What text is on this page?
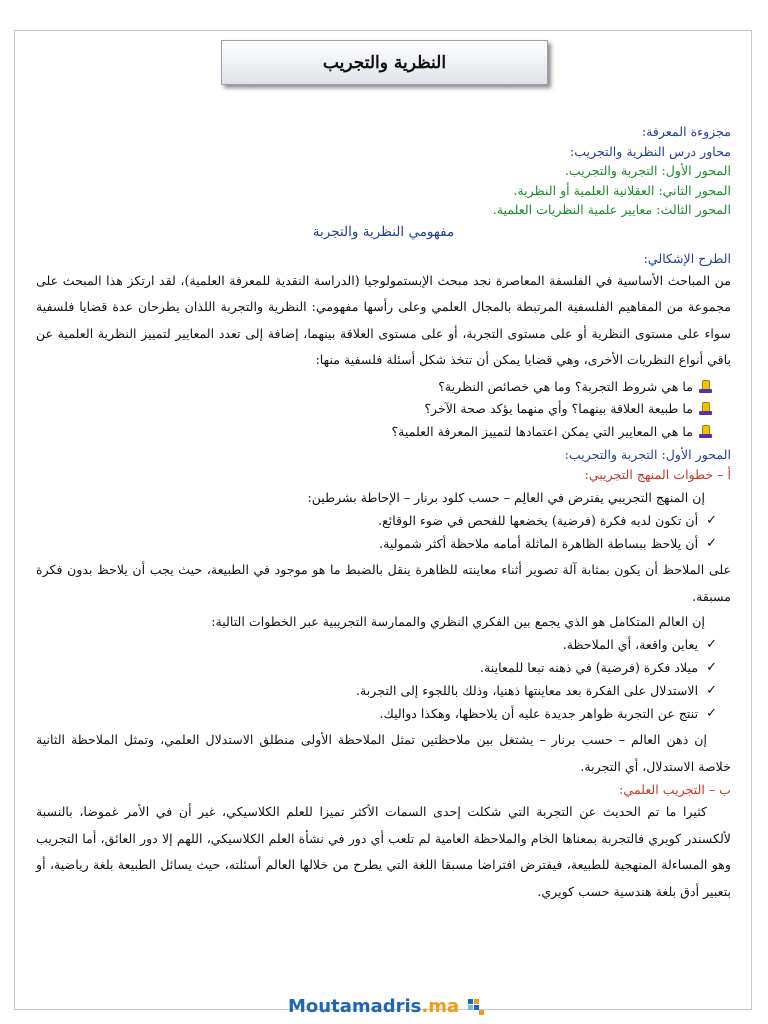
النظرية والتجريب

مجزوءة المعرفة:

محاور درس النظرية والتجريب:

المحور الأول: التجربة والتجريب.

المحور الثاني: العقلانية العلمية أو النظرية.

المحور الثالث: معايير علمية النظريات العلمية.

مفهومي النظرية والتجربة

الطرح الإشكالي:

من المباحث الأساسية في الفلسفة المعاصرة نجد مبحث الإبستمولوجيا (الدراسة النقدية للمعرفة العلمية)، لقد ارتكز هذا المبحث على مجموعة من المفاهيم الفلسفية المرتبطة بالمجال العلمي وعلى رأسها مفهومي: النظرية والتجربة اللذان يطرحان عدة قضايا فلسفية سواء على مستوى النظرية أو على مستوى التجربة، أو على مستوى العلاقة بينهما، إضافة إلى تعدد المعايير لتمييز النظرية العلمية عن باقي أنواع النظريات الأخرى، وهي قضايا يمكن أن تتخذ شكل أسئلة فلسفية منها:

ما هي شروط التجربة؟ وما هي خصائص النظرية؟
ما طبيعة العلاقة بينهما؟ وأي منهما يؤكد صحة الآخر؟
ما هي المعايير التي يمكن اعتمادها لتمييز المعرفة العلمية؟

المحور الأول: التجربة والتجريب:

أ – خطوات المنهج التجريبي:

إن المنهج التجريبي يفترض في العالِم – حسب كلود برنار – الإحاطة بشرطين:

✓
أن تكون لديه فكرة (فرضية) يخضعها للفحص في ضوء الوقائع.
✓
أن يلاحظ ببساطة الظاهرة الماثلة أمامه ملاحظة أكثر شمولية.

على الملاحظ أن يكون بمثابة آلة تصوير أثناء معاينته للظاهرة ينقل بالضبط ما هو موجود في الطبيعة، حيث يجب أن يلاحظ بدون فكرة مسبقة.

إن العالم المتكامل هو الذي يجمع بين الفكري النظري والممارسة التجريبية عبر الخطوات التالية:

✓
يعاين واقعة، أي الملاحظة.
✓
ميلاد فكرة (فرضية) في ذهنه تبعا للمعاينة.
✓
الاستدلال على الفكرة بعد معاينتها ذهنيا، وذلك باللجوء إلى التجربة.
✓
تنتج عن التجربة ظواهر جديدة عليه أن يلاحظها، وهكذا دواليك.

إن ذهن العالم – حسب برنار – يشتغل بين ملاحظتين تمثل الملاحظة الأولى منطلق الاستدلال العلمي، وتمثل الملاحظة الثانية خلاصة الاستدلال، أي التجربة.

ب – التجريب العلمي:

كثيرا ما تم الحديث عن التجربة التي شكلت إحدى السمات الأكثر تميزا للعلم الكلاسيكي، غير أن في الأمر غموضا، بالنسبة لألكسندر كويري فالتجربة بمعناها الخام والملاحظة العامية لم تلعب أي دور في نشأة العلم الكلاسيكي، اللهم إلا دور العائق، أما التجريب وهو المساءلة المنهجية للطبيعة، فيفترض افتراضا مسبقا اللغة التي يطرح من خلالها العالم أسئلته، حيث يسائل الطبيعة بلغة رياضية، أو بتعبير أدق بلغة هندسية حسب كويري.

Moutamadris.ma
